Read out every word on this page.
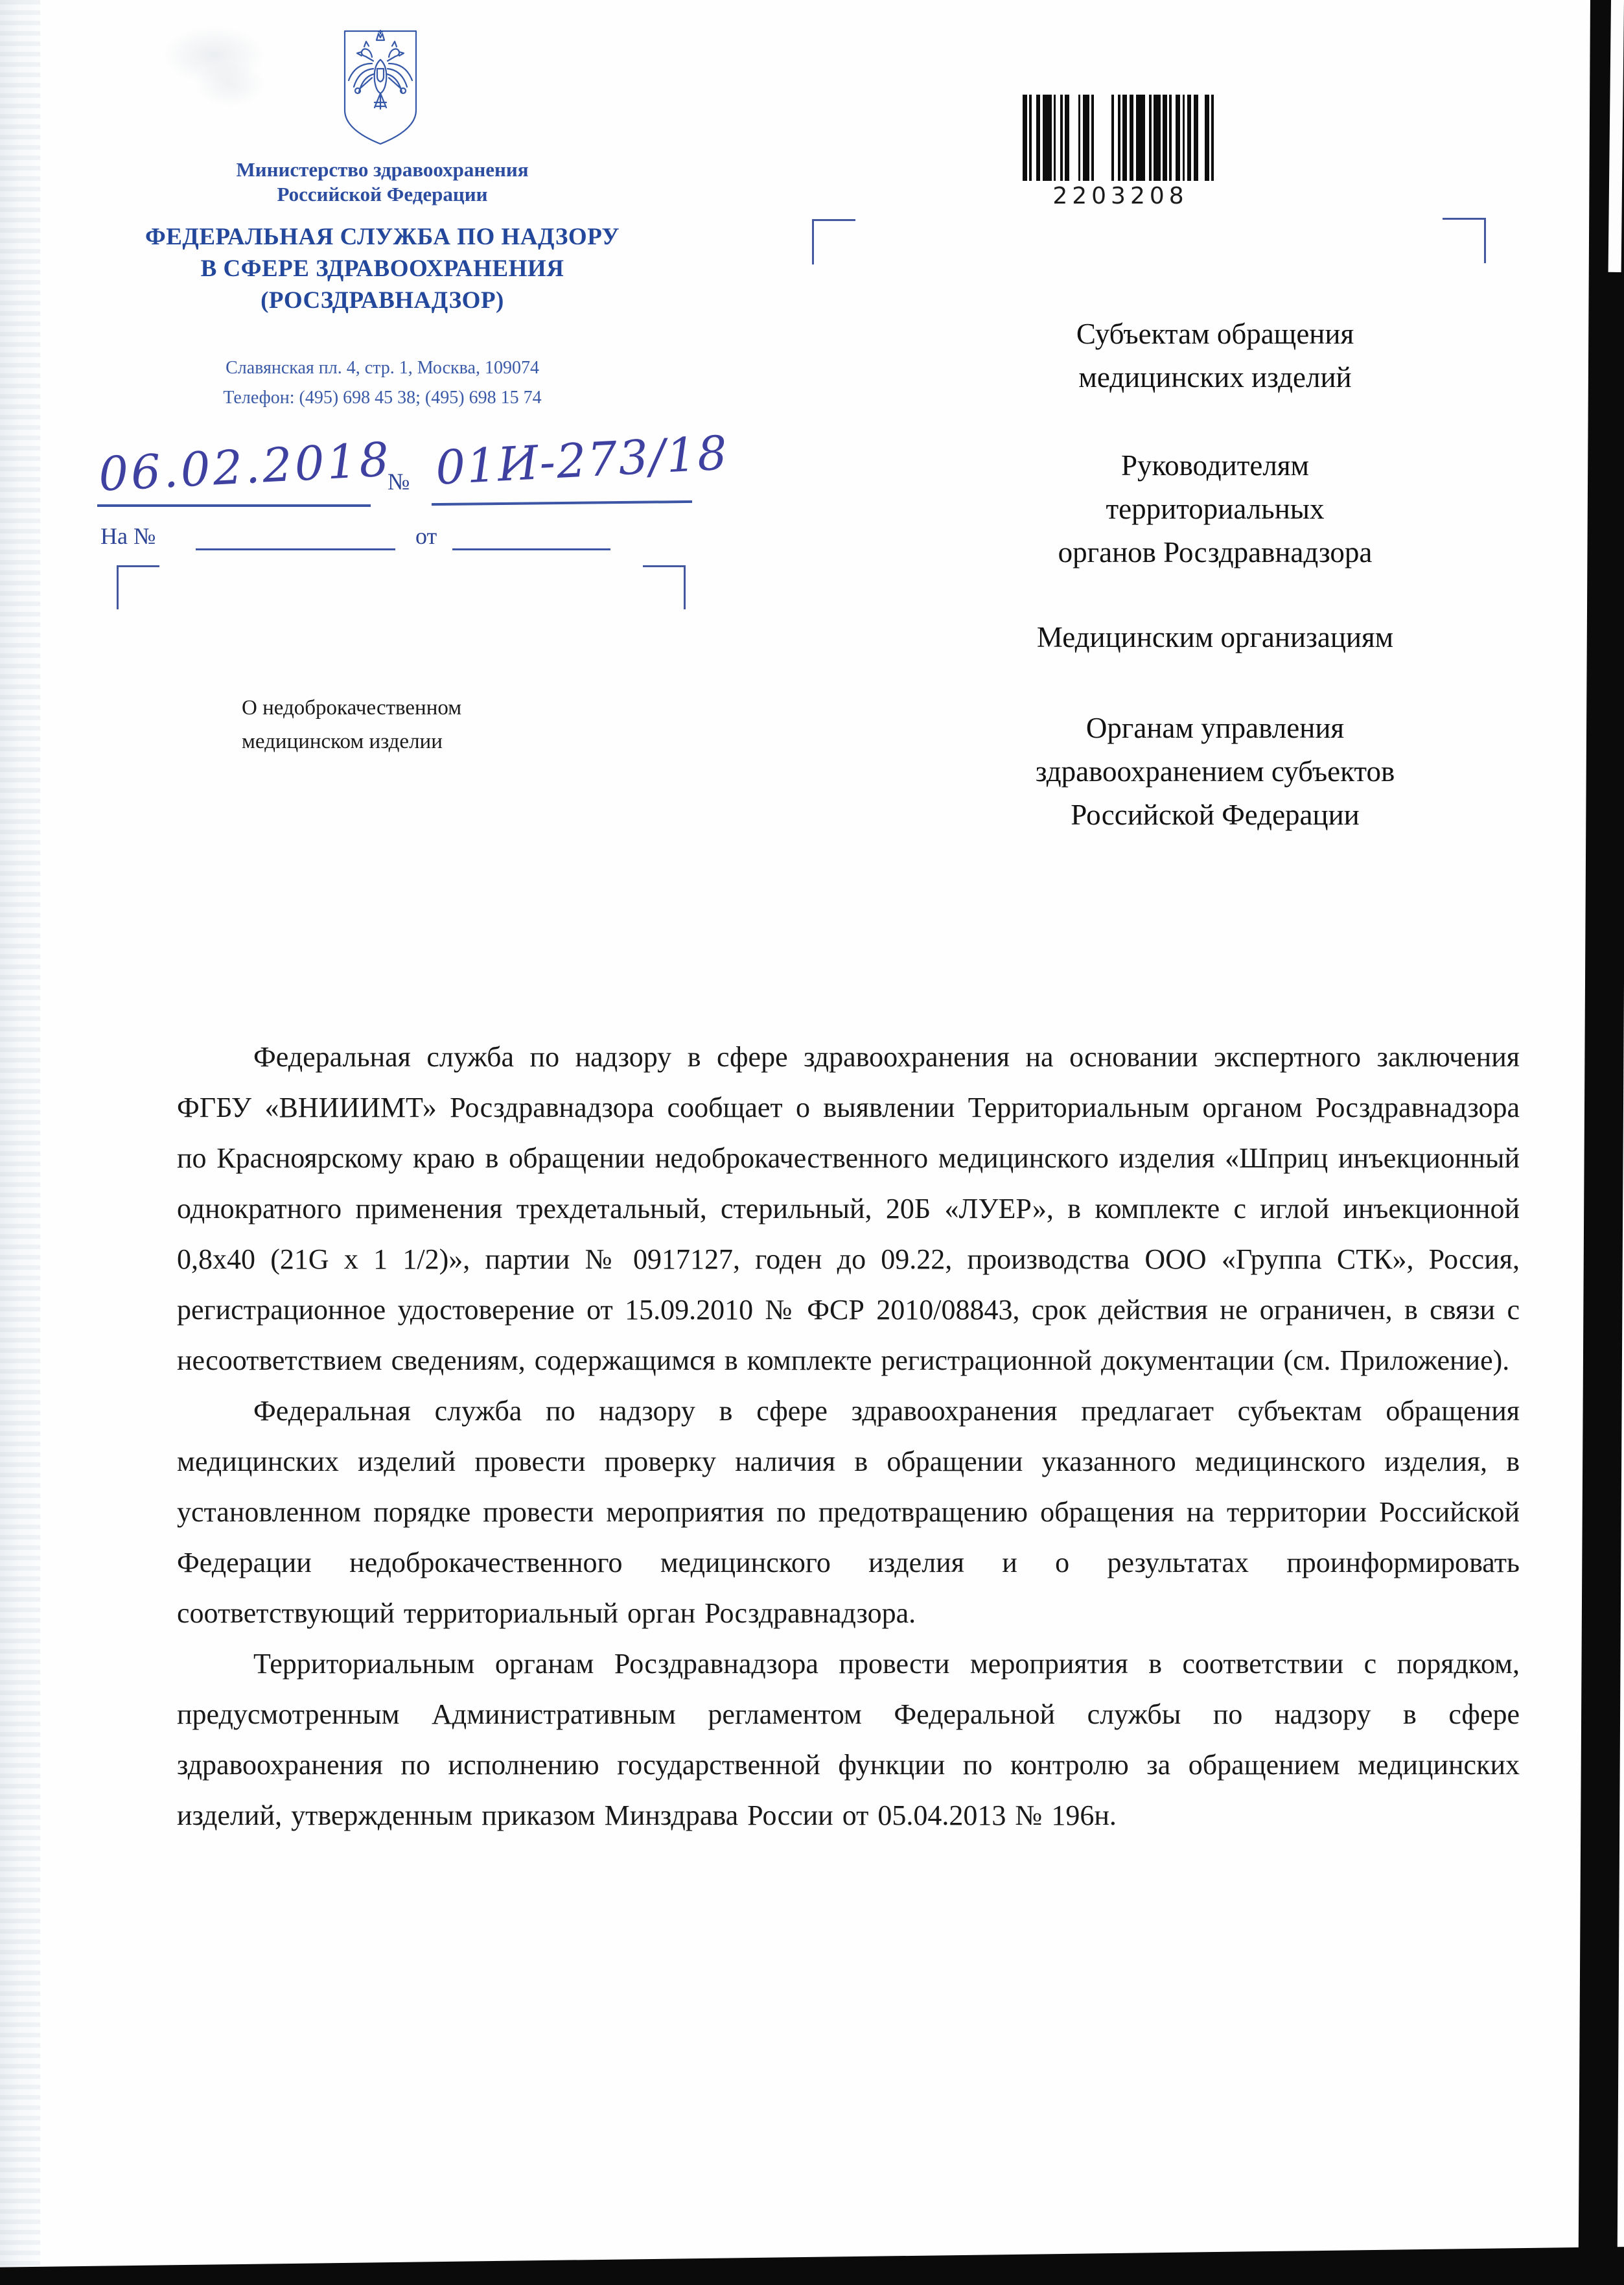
Министерство здравоохранения
Российской Федерации
ФЕДЕРАЛЬНАЯ СЛУЖБА ПО НАДЗОРУ
В СФЕРЕ ЗДРАВООХРАНЕНИЯ
(РОСЗДРАВНАДЗОР)
Славянская пл. 4, стр. 1, Москва, 109074
Телефон: (495) 698 45 38; (495) 698 15 74
2203208
06.02.2018
№ 01И-273/18
На №	от
Субъектам обращения
медицинских изделий
Руководителям
территориальных
органов Росздравнадзора
Медицинским организациям
Органам управления
здравоохранением субъектов
Российской Федерации
О недоброкачественном
медицинском изделии

Федеральная служба по надзору в сфере здравоохранения на основании экспертного заключения ФГБУ «ВНИИИМТ» Росздравнадзора сообщает о выявлении Территориальным органом Росздравнадзора по Красноярскому краю в обращении недоброкачественного медицинского изделия «Шприц инъекционный однократного применения трехдетальный, стерильный, 20Б «ЛУЕР», в комплекте с иглой инъекционной 0,8х40 (21G х 1 1/2)», партии № 0917127, годен до 09.22, производства ООО «Группа СТК», Россия, регистрационное удостоверение от 15.09.2010 № ФСР 2010/08843, срок действия не ограничен, в связи с несоответствием сведениям, содержащимся в комплекте регистрационной документации (см. Приложение).

Федеральная служба по надзору в сфере здравоохранения предлагает субъектам обращения медицинских изделий провести проверку наличия в обращении указанного медицинского изделия, в установленном порядке провести мероприятия по предотвращению обращения на территории Российской Федерации недоброкачественного медицинского изделия и о результатах проинформировать соответствующий территориальный орган Росздравнадзора.

Территориальным органам Росздравнадзора провести мероприятия в соответствии с порядком, предусмотренным Административным регламентом Федеральной службы по надзору в сфере здравоохранения по исполнению государственной функции по контролю за обращением медицинских изделий, утвержденным приказом Минздрава России от 05.04.2013 № 196н.
